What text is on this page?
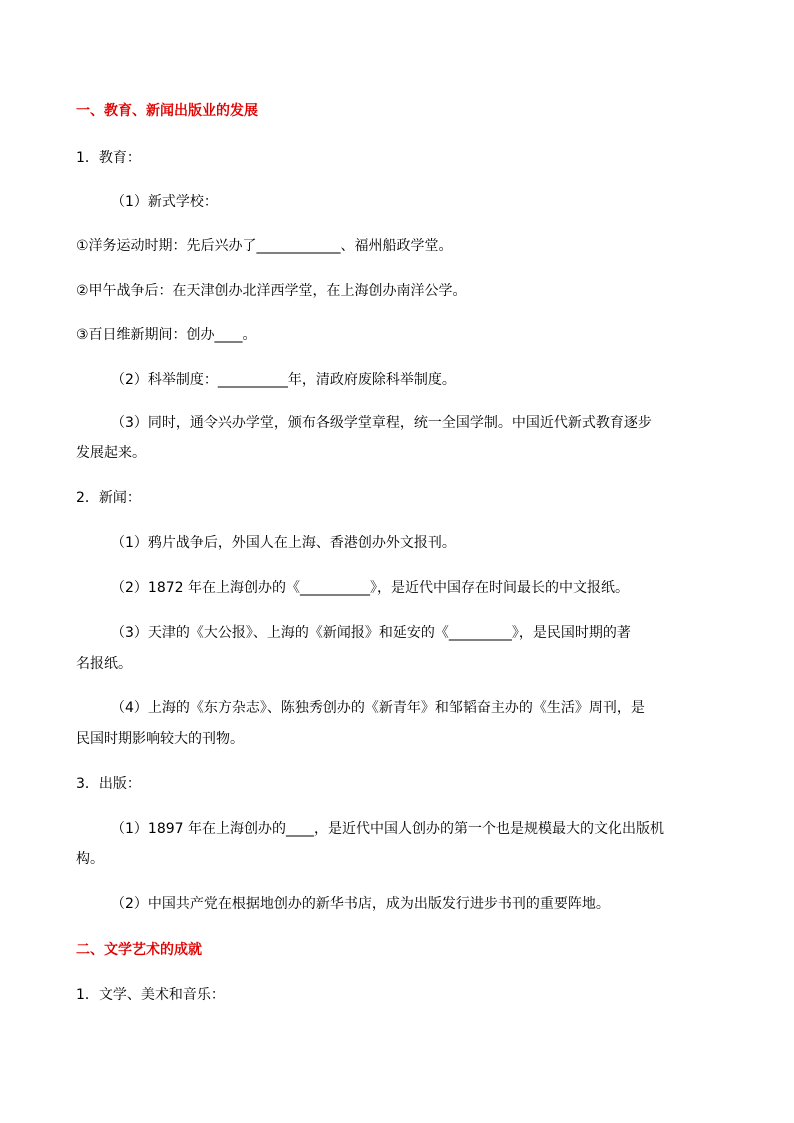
一、教育、新闻出版业的发展
1．教育：
（1）新式学校：
①洋务运动时期：先后兴办了____________、福州船政学堂。
②甲午战争后：在天津创办北洋西学堂，在上海创办南洋公学。
③百日维新期间：创办____。
（2）科举制度：__________年，清政府废除科举制度。
（3）同时，通令兴办学堂，颁布各级学堂章程，统一全国学制。中国近代新式教育逐步
发展起来。
2．新闻：
（1）鸦片战争后，外国人在上海、香港创办外文报刊。
（2）1872 年在上海创办的《__________》，是近代中国存在时间最长的中文报纸。
（3）天津的《大公报》、上海的《新闻报》和延安的《_________》，是民国时期的著
名报纸。
（4）上海的《东方杂志》、陈独秀创办的《新青年》和邹韬奋主办的《生活》周刊，是
民国时期影响较大的刊物。
3．出版：
（1）1897 年在上海创办的____，是近代中国人创办的第一个也是规模最大的文化出版机
构。
（2）中国共产党在根据地创办的新华书店，成为出版发行进步书刊的重要阵地。
二、文学艺术的成就
1．文学、美术和音乐：
